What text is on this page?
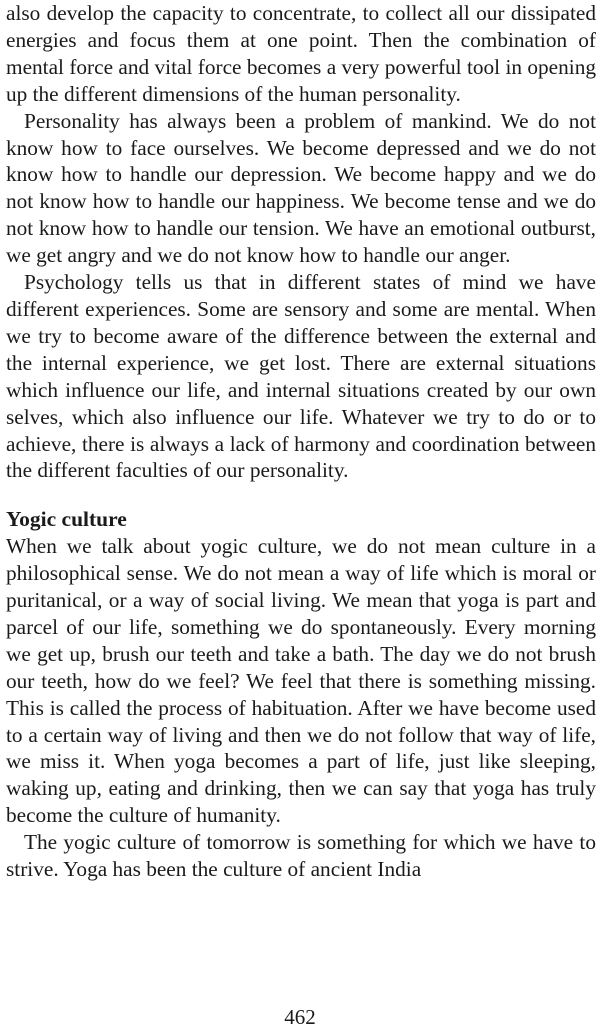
also develop the capacity to concentrate, to collect all our dissipated energies and focus them at one point. Then the combination of mental force and vital force becomes a very powerful tool in opening up the different dimensions of the human personality.

Personality has always been a problem of mankind. We do not know how to face ourselves. We become depressed and we do not know how to handle our depression. We become happy and we do not know how to handle our happiness. We become tense and we do not know how to handle our tension. We have an emotional outburst, we get angry and we do not know how to handle our anger.

Psychology tells us that in different states of mind we have different experiences. Some are sensory and some are mental. When we try to become aware of the difference between the external and the internal experience, we get lost. There are external situations which influence our life, and internal situations created by our own selves, which also influence our life. Whatever we try to do or to achieve, there is always a lack of harmony and coordination between the different faculties of our personality.

Yogic culture

When we talk about yogic culture, we do not mean culture in a philosophical sense. We do not mean a way of life which is moral or puritanical, or a way of social living. We mean that yoga is part and parcel of our life, something we do spontaneously. Every morning we get up, brush our teeth and take a bath. The day we do not brush our teeth, how do we feel? We feel that there is something missing. This is called the process of habituation. After we have become used to a certain way of living and then we do not follow that way of life, we miss it. When yoga becomes a part of life, just like sleeping, waking up, eating and drinking, then we can say that yoga has truly become the culture of humanity.

The yogic culture of tomorrow is something for which we have to strive. Yoga has been the culture of ancient India

462
